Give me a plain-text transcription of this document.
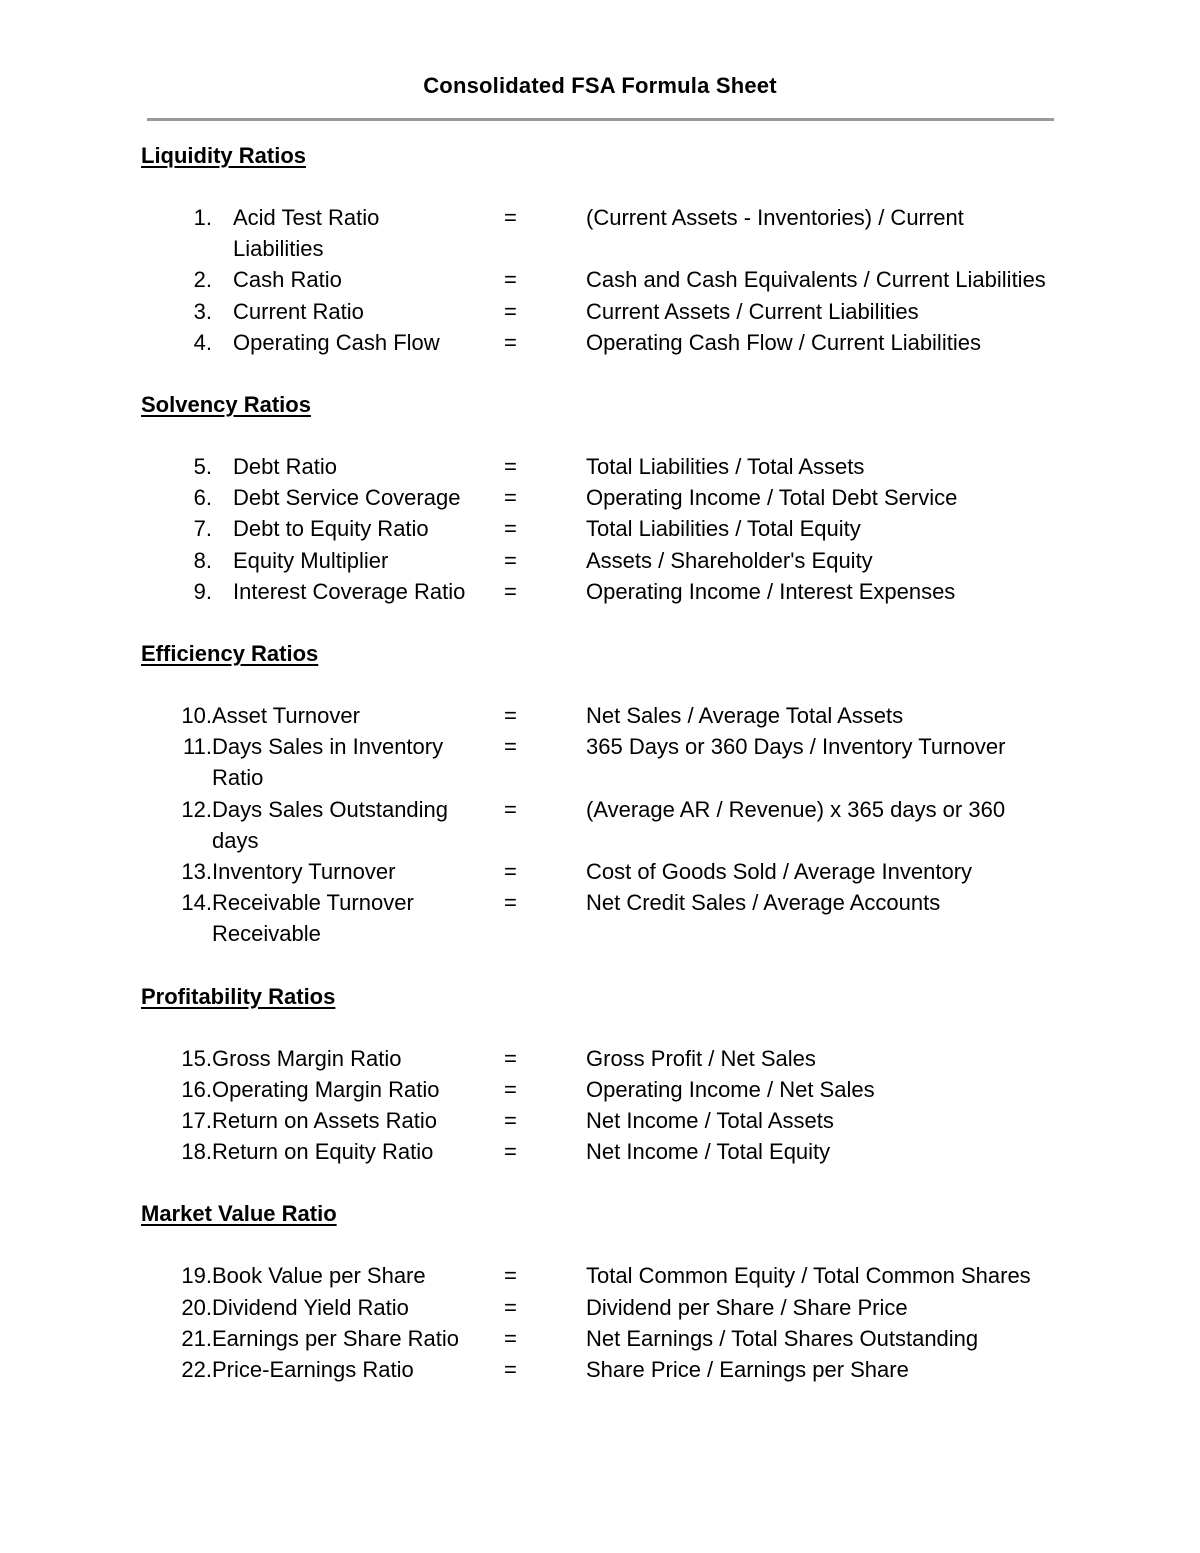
Consolidated FSA Formula Sheet
Liquidity Ratios
1. Acid Test Ratio	=	(Current Assets - Inventories) / Current
Liabilities
2. Cash Ratio	=	Cash and Cash Equivalents / Current Liabilities
3. Current Ratio	=	Current Assets / Current Liabilities
4. Operating Cash Flow	=	Operating Cash Flow / Current Liabilities
Solvency Ratios
5. Debt Ratio	=	Total Liabilities / Total Assets
6. Debt Service Coverage	=	Operating Income / Total Debt Service
7. Debt to Equity Ratio	=	Total Liabilities / Total Equity
8. Equity Multiplier	=	Assets / Shareholder's Equity
9. Interest Coverage Ratio	=	Operating Income / Interest Expenses
Efficiency Ratios
10. Asset Turnover	=	Net Sales / Average Total Assets
11. Days Sales in Inventory	=	365 Days or 360 Days / Inventory Turnover
Ratio
12. Days Sales Outstanding	=	(Average AR / Revenue) x 365 days or 360
days
13. Inventory Turnover	=	Cost of Goods Sold / Average Inventory
14. Receivable Turnover	=	Net Credit Sales / Average Accounts
Receivable
Profitability Ratios
15. Gross Margin Ratio	=	Gross Profit / Net Sales
16. Operating Margin Ratio	=	Operating Income / Net Sales
17. Return on Assets Ratio	=	Net Income / Total Assets
18. Return on Equity Ratio	=	Net Income / Total Equity
Market Value Ratio
19. Book Value per Share	=	Total Common Equity / Total Common Shares
20. Dividend Yield Ratio	=	Dividend per Share / Share Price
21. Earnings per Share Ratio	=	Net Earnings / Total Shares Outstanding
22. Price-Earnings Ratio	=	Share Price / Earnings per Share
